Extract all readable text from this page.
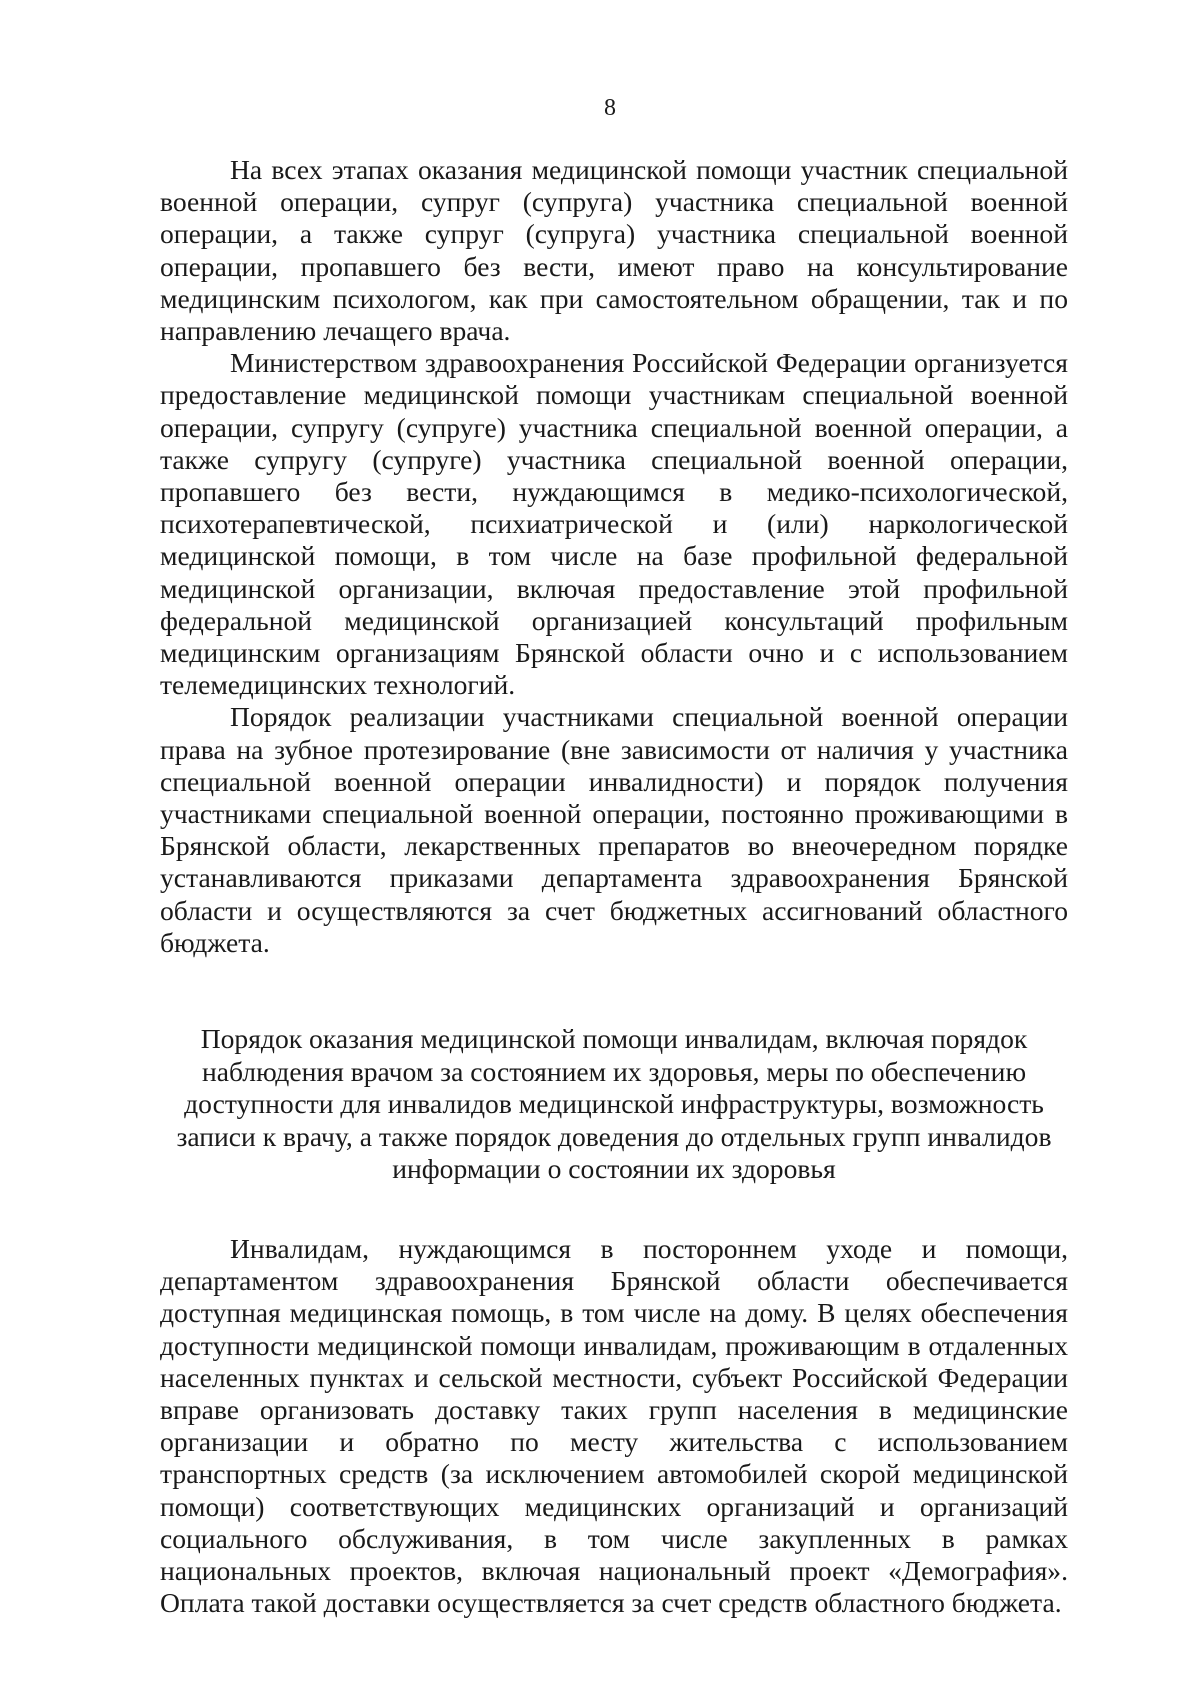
8

На всех этапах оказания медицинской помощи участник специальной военной операции, супруг (супруга) участника специальной военной операции, а также супруг (супруга) участника специальной военной операции, пропавшего без вести, имеют право на консультирование медицинским психологом, как при самостоятельном обращении, так и по направлению лечащего врача.

Министерством здравоохранения Российской Федерации организуется предоставление медицинской помощи участникам специальной военной операции, супругу (супруге) участника специальной военной операции, а также супругу (супруге) участника специальной военной операции, пропавшего без вести, нуждающимся в медико-психологической, психотерапевтической, психиатрической и (или) наркологической медицинской помощи, в том числе на базе профильной федеральной медицинской организации, включая предоставление этой профильной федеральной медицинской организацией консультаций профильным медицинским организациям Брянской области очно и с использованием телемедицинских технологий.

Порядок реализации участниками специальной военной операции права на зубное протезирование (вне зависимости от наличия у участника специальной военной операции инвалидности) и порядок получения участниками специальной военной операции, постоянно проживающими в Брянской области, лекарственных препаратов во внеочередном порядке устанавливаются приказами департамента здравоохранения Брянской области и осуществляются за счет бюджетных ассигнований областного бюджета.

Порядок оказания медицинской помощи инвалидам, включая порядок наблюдения врачом за состоянием их здоровья, меры по обеспечению доступности для инвалидов медицинской инфраструктуры, возможность записи к врачу, а также порядок доведения до отдельных групп инвалидов информации о состоянии их здоровья

Инвалидам, нуждающимся в постороннем уходе и помощи, департаментом здравоохранения Брянской области обеспечивается доступная медицинская помощь, в том числе на дому. В целях обеспечения доступности медицинской помощи инвалидам, проживающим в отдаленных населенных пунктах и сельской местности, субъект Российской Федерации вправе организовать доставку таких групп населения в медицинские организации и обратно по месту жительства с использованием транспортных средств (за исключением автомобилей скорой медицинской помощи) соответствующих медицинских организаций и организаций социального обслуживания, в том числе закупленных в рамках национальных проектов, включая национальный проект «Демография». Оплата такой доставки осуществляется за счет средств областного бюджета.
